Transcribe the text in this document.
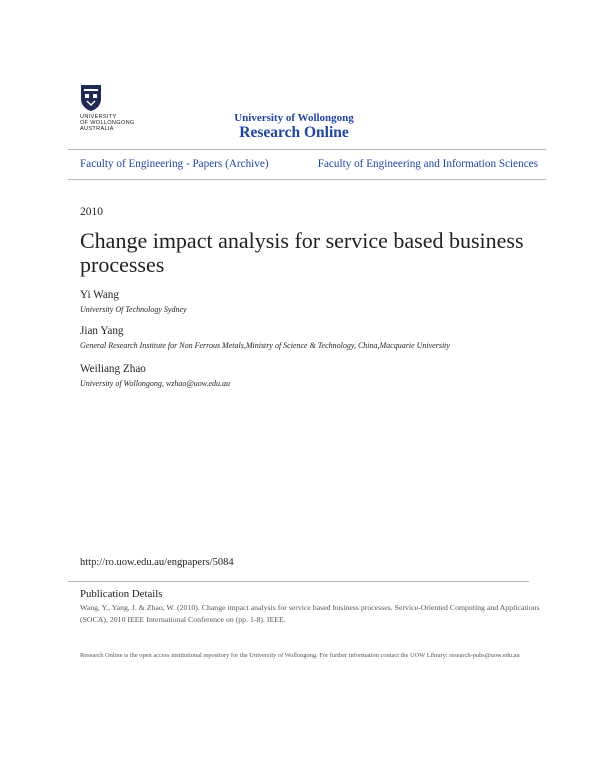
UNIVERSITY
OF WOLLONGONG
AUSTRALIA
University of Wollongong
Research Online
Faculty of Engineering - Papers (Archive)	Faculty of Engineering and Information Sciences
2010
Change impact analysis for service based business processes
Yi Wang
University Of Technology Sydney
Jian Yang
General Research Institute for Non Ferrous Metals,Ministry of Science & Technology, China,Macquarie University
Weiliang Zhao
University of Wollongong, wzhao@uow.edu.au
http://ro.uow.edu.au/engpapers/5084
Publication Details
Wang, Y., Yang, J. & Zhao, W. (2010). Change impact analysis for service based business processes. Service-Oriented Computing and Applications (SOCA), 2010 IEEE International Conference on (pp. 1-8). IEEE.
Research Online is the open access institutional repository for the University of Wollongong. For further information contact the UOW Library: research-pubs@uow.edu.au
